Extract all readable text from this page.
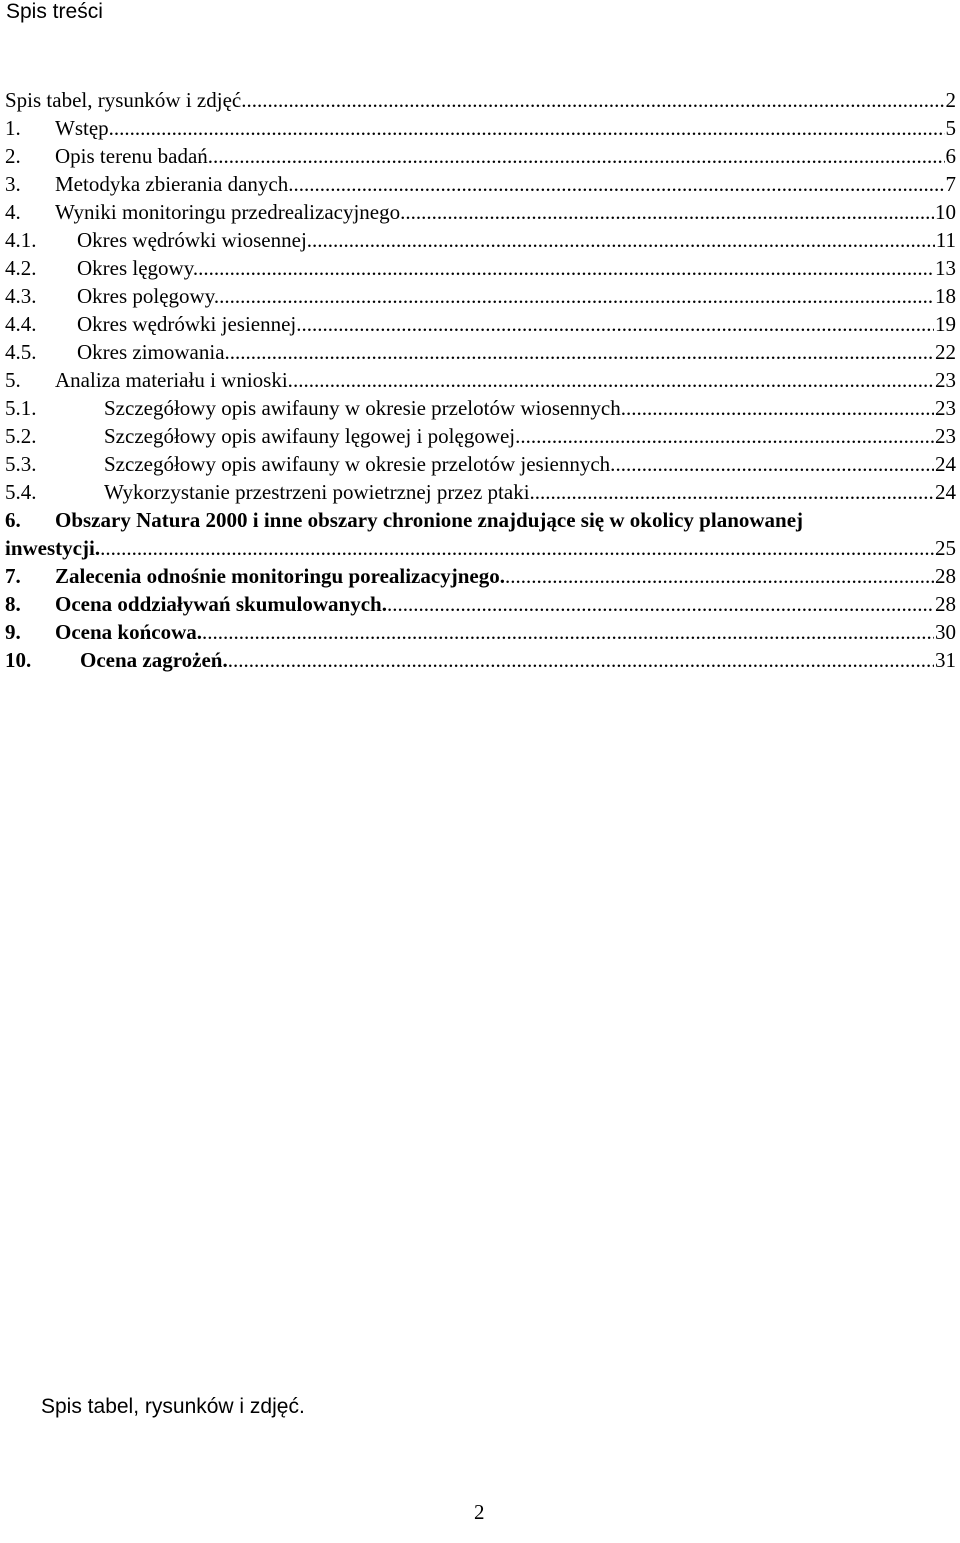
Spis treści
Spis tabel, rysunków i zdjęć. .....	2
1. Wstęp. .....	5
2. Opis terenu badań. .....	6
3. Metodyka zbierania danych. .....	7
4. Wyniki monitoringu przedrealizacyjnego. .....	10
4.1. Okres wędrówki wiosennej. .....	11
4.2. Okres lęgowy. .....	13
4.3. Okres polęgowy. .....	18
4.4. Okres wędrówki jesiennej. .....	19
4.5. Okres zimowania. .....	22
5. Analiza materiału i wnioski. .....	23
5.1.	Szczegółowy opis awifauny w okresie przelotów wiosennych. .....	23
5.2.	Szczegółowy opis awifauny lęgowej i polęgowej. .....	23
5.3.	Szczegółowy opis awifauny w okresie przelotów jesiennych. .....	24
5.4.	Wykorzystanie przestrzeni powietrznej przez ptaki. .....	24
6. Obszary Natura 2000 i inne obszary chronione znajdujące się w okolicy planowanej
inwestycji. .....	25
7. Zalecenia odnośnie monitoringu porealizacyjnego. .....	28
8. Ocena oddziaływań skumulowanych. .....	28
9. Ocena końcowa. .....	30
10. Ocena zagrożeń. .....	31
Spis tabel, rysunków i zdjęć.
2
